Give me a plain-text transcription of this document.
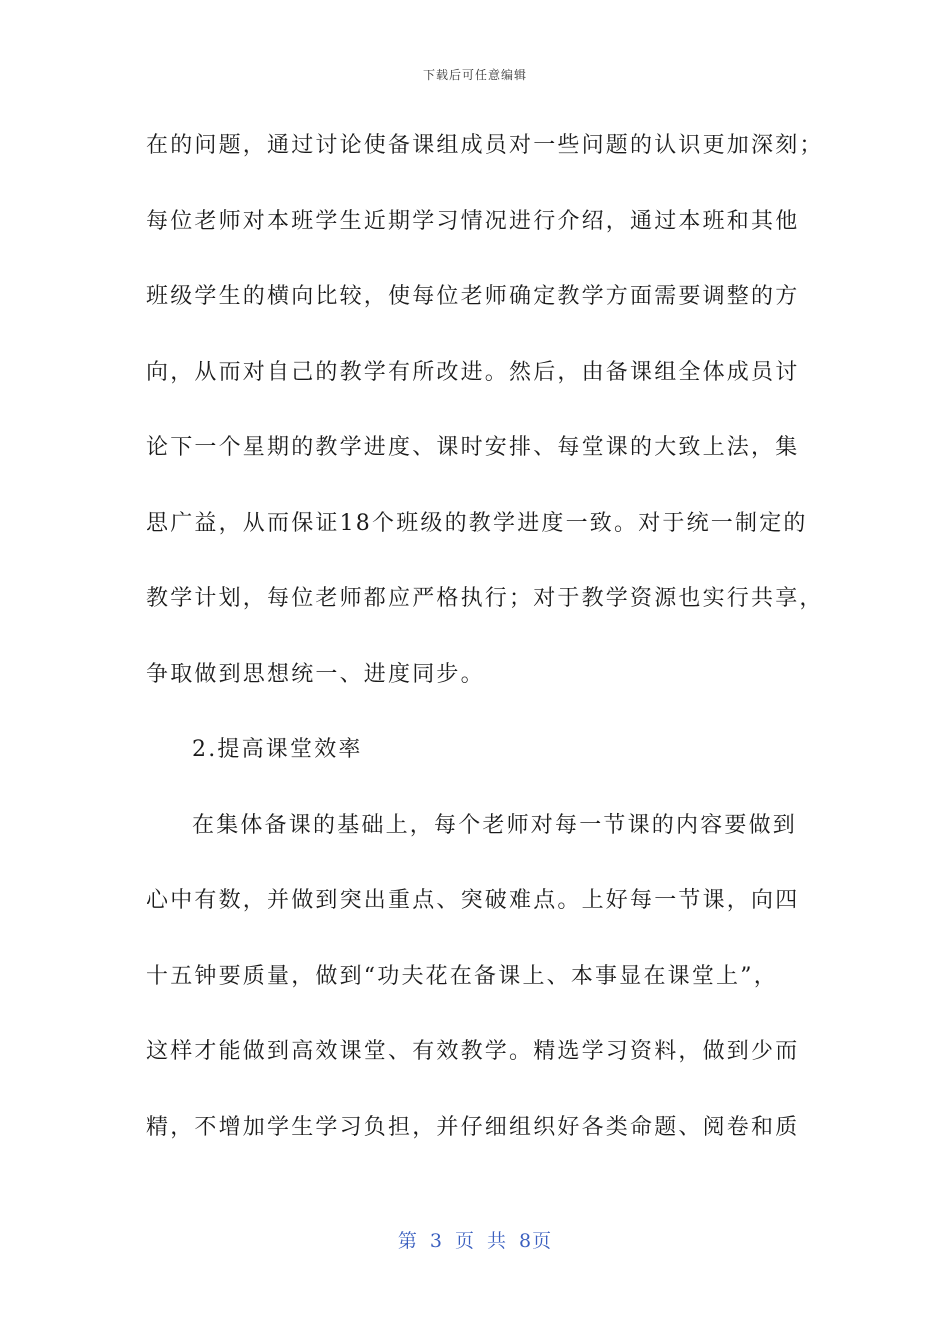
下载后可任意编辑
在的问题，通过讨论使备课组成员对一些问题的认识更加深刻；
每位老师对本班学生近期学习情况进行介绍，通过本班和其他
班级学生的横向比较，使每位老师确定教学方面需要调整的方
向，从而对自己的教学有所改进。然后，由备课组全体成员讨
论下一个星期的教学进度、课时安排、每堂课的大致上法，集
思广益，从而保证18个班级的教学进度一致。对于统一制定的
教学计划，每位老师都应严格执行；对于教学资源也实行共享，
争取做到思想统一、进度同步。
2.提高课堂效率
在集体备课的基础上，每个老师对每一节课的内容要做到
心中有数，并做到突出重点、突破难点。上好每一节课，向四
十五钟要质量，做到“功夫花在备课上、本事显在课堂上”，
这样才能做到高效课堂、有效教学。精选学习资料，做到少而
精，不增加学生学习负担，并仔细组织好各类命题、阅卷和质
第 3 页 共 8页
